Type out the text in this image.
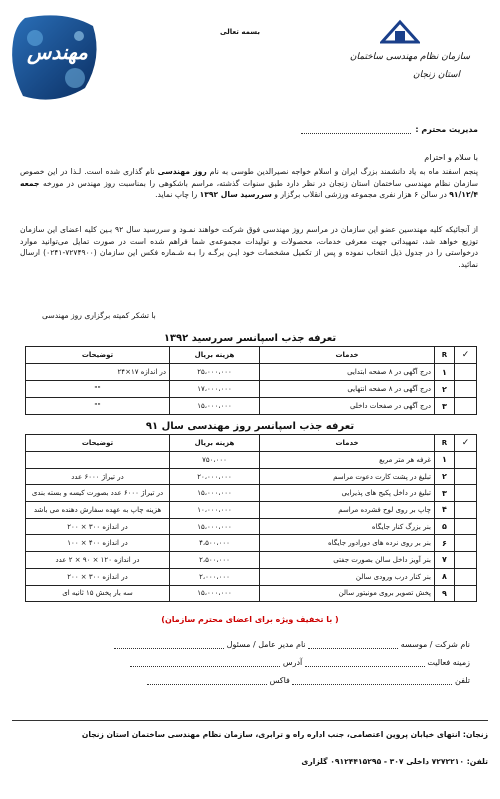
بسمه تعالی
سازمان نظام مهندسی ساختمان
استان زنجان
مهندس
مدیریت محترم :
با سلام و احترام
پنجم اسفند ماه به یاد دانشمند بزرگ ایران و اسلام خواجه نصیرالدین طوسی به نام روز مهندسی نام گذاری شده است. لـذا در این خصوص سازمان نظام مهندسی ساختمان استان زنجان در نظر دارد طبق سنوات گذشته، مراسم باشکوهی را بمناسبت روز مهندس در مورخه جمعه ۹۱/۱۲/۴ در سالن ۶ هزار نفری مجموعه ورزشی انقلاب برگزار و سررسید سال ۱۳۹۲ را چاپ نماید.
از آنجائیکه کلیه مهندسین عضو این سازمان در مراسم روز مهندسی فوق شرکت خواهند نمـود و سررسید سال ۹۲ بـین کلیه اعضای این سازمان توزیع خواهد شد، تمهیداتی جهت معرفی خدمات، محصولات و تولیدات مجموعه‌ی شما فراهم شده است در صورت تمایل می‌توانید موارد درخواستی را در جدول ذیل انتخاب نموده و پس از تکمیل مشخصات خود ایـن برگـه را بـه شـماره فکس این سازمان (۷۲۷۴۹۰۰-۰۲۴۱) ارسال نمائید.
با تشکر کمیته برگزاری روز مهندسی
تعرفه جذب اسپانسر سررسید ۱۳۹۲
✓	R	خدمات	هزینه بریال	توضیحات
	۱	درج آگهی در ۸ صفحه ابتدایی	۲۵،۰۰۰،۰۰۰	در اندازه ۱۷×۲۴
	۲	درج آگهی در ۸ صفحه انتهایی	۱۷،۰۰۰،۰۰۰	""
	۳	درج آگهی در صفحات داخلی	۱۵،۰۰۰،۰۰۰	""
تعرفه جذب اسپانسر روز مهندسی سال ۹۱
✓	R	خدمات	هزینه بریال	توضیحات
	۱	غرفه هر متر مربع	۷۵۰،۰۰۰	
	۲	تبلیغ در پشت کارت دعوت مراسم	۲۰،۰۰۰،۰۰۰	در تیراژ ۶۰۰۰ عدد
	۳	تبلیغ در داخل پکیج های پذیرایی	۱۵،۰۰۰،۰۰۰	در تیراژ ۶۰۰۰ عدد بصورت کیسه و بسته بندی
	۴	چاپ بر روی لوح فشرده مراسم	۱۰،۰۰۰،۰۰۰	هزینه چاپ به عهده سفارش دهنده می باشد
	۵	بنر بزرگ کنار جایگاه	۱۵،۰۰۰،۰۰۰	در اندازه ۳۰۰ × ۲۰۰
	۶	بنر بر روی نرده های دورادور جایگاه	۴،۵۰۰،۰۰۰	در اندازه ۴۰۰ × ۱۰۰
	۷	بنر آویز داخل سالن بصورت جفتی	۲،۵۰۰،۰۰۰	در اندازه ۱۲۰ × ۹۰ × ۲ عدد
	۸	بنر کنار درب ورودی سالن	۲،۰۰۰،۰۰۰	در اندازه ۳۰۰ × ۲۰۰
	۹	پخش تصویر بروی مونیتور سالن	۱۵،۰۰۰،۰۰۰	سه بار پخش ۱۵ ثانیه ای
( با تخفیف ویژه برای اعضای محترم سازمان)
نام شرکت / موسسه  نام مدیر عامل / مسئول
زمینه فعالیت  آدرس
تلفن  فاکس
زنجان: انتهای خیابان پروین اعتصامی، جنب اداره راه و ترابری، سازمان نظام مهندسی ساختمان استان زنجان
تلفن: ۷۲۷۲۲۱۰ داخلی ۳۰۷ - ۰۹۱۲۴۴۱۵۲۹۵ گلزاری
